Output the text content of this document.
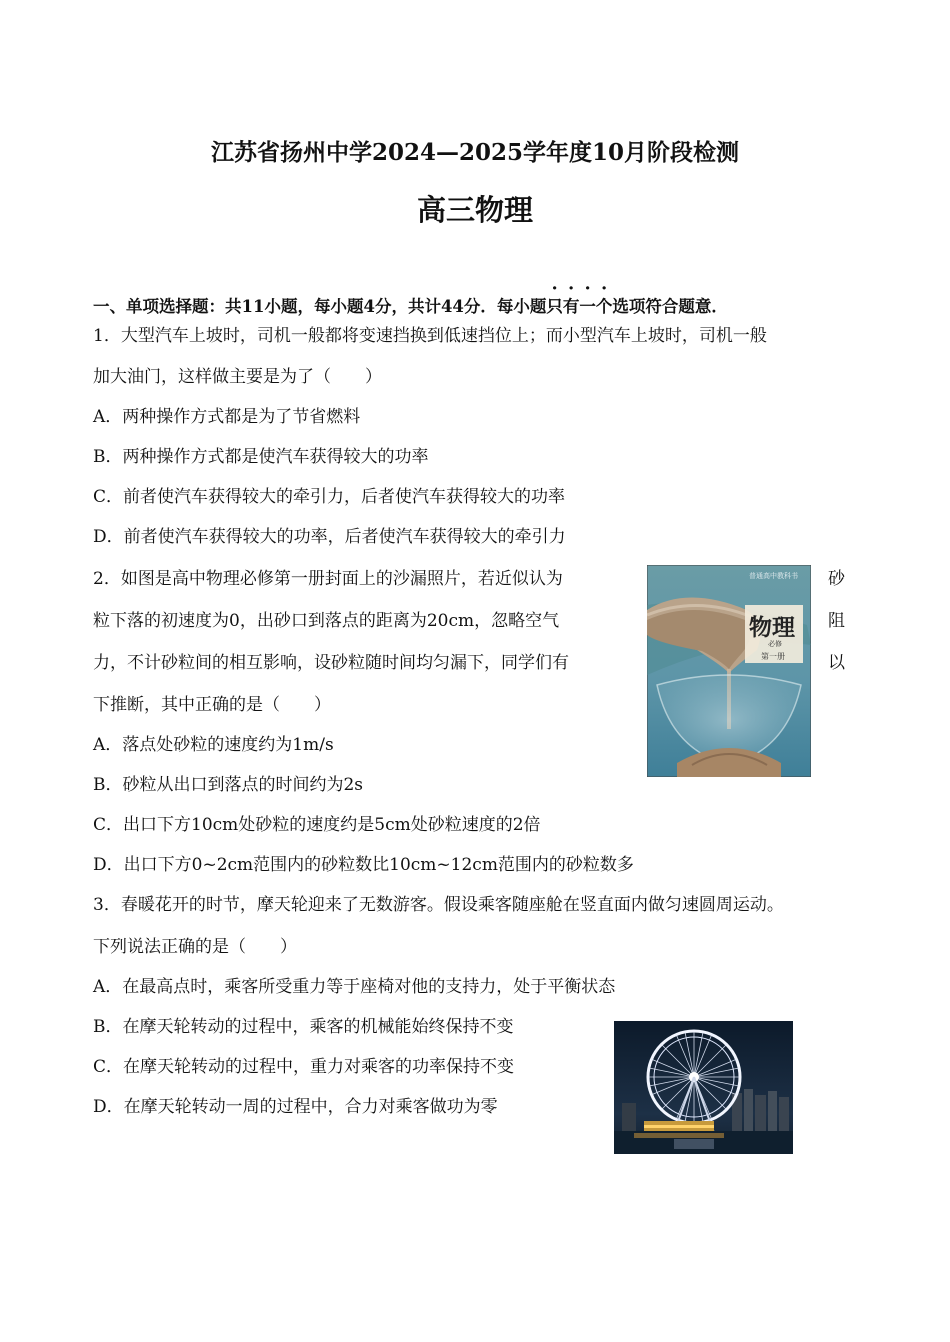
江苏省扬州中学2024—2025学年度10月阶段检测
高三物理
一、单项选择题：共11小题，每小题4分，共计44分．每小题只有一个选项符合题意．
1．大型汽车上坡时，司机一般都将变速挡换到低速挡位上；而小型汽车上坡时，司机一般
加大油门，这样做主要是为了（　　）
A．两种操作方式都是为了节省燃料
B．两种操作方式都是使汽车获得较大的功率
C．前者使汽车获得较大的牵引力，后者使汽车获得较大的功率
D．前者使汽车获得较大的功率，后者使汽车获得较大的牵引力
2．如图是高中物理必修第一册封面上的沙漏照片，若近似认为
粒下落的初速度为0，出砂口到落点的距离为20cm，忽略空气
力，不计砂粒间的相互影响，设砂粒随时间均匀漏下，同学们有
下推断，其中正确的是（　　）
砂
阻
以
A．落点处砂粒的速度约为1m/s
B．砂粒从出口到落点的时间约为2s
C．出口下方10cm处砂粒的速度约是5cm处砂粒速度的2倍
D．出口下方0~2cm范围内的砂粒数比10cm~12cm范围内的砂粒数多
普通高中教科书
物理
必修
第一册
3．春暖花开的时节，摩天轮迎来了无数游客。假设乘客随座舱在竖直面内做匀速圆周运动。
下列说法正确的是（　　）
A．在最高点时，乘客所受重力等于座椅对他的支持力，处于平衡状态
B．在摩天轮转动的过程中，乘客的机械能始终保持不变
C．在摩天轮转动的过程中，重力对乘客的功率保持不变
D．在摩天轮转动一周的过程中，合力对乘客做功为零
